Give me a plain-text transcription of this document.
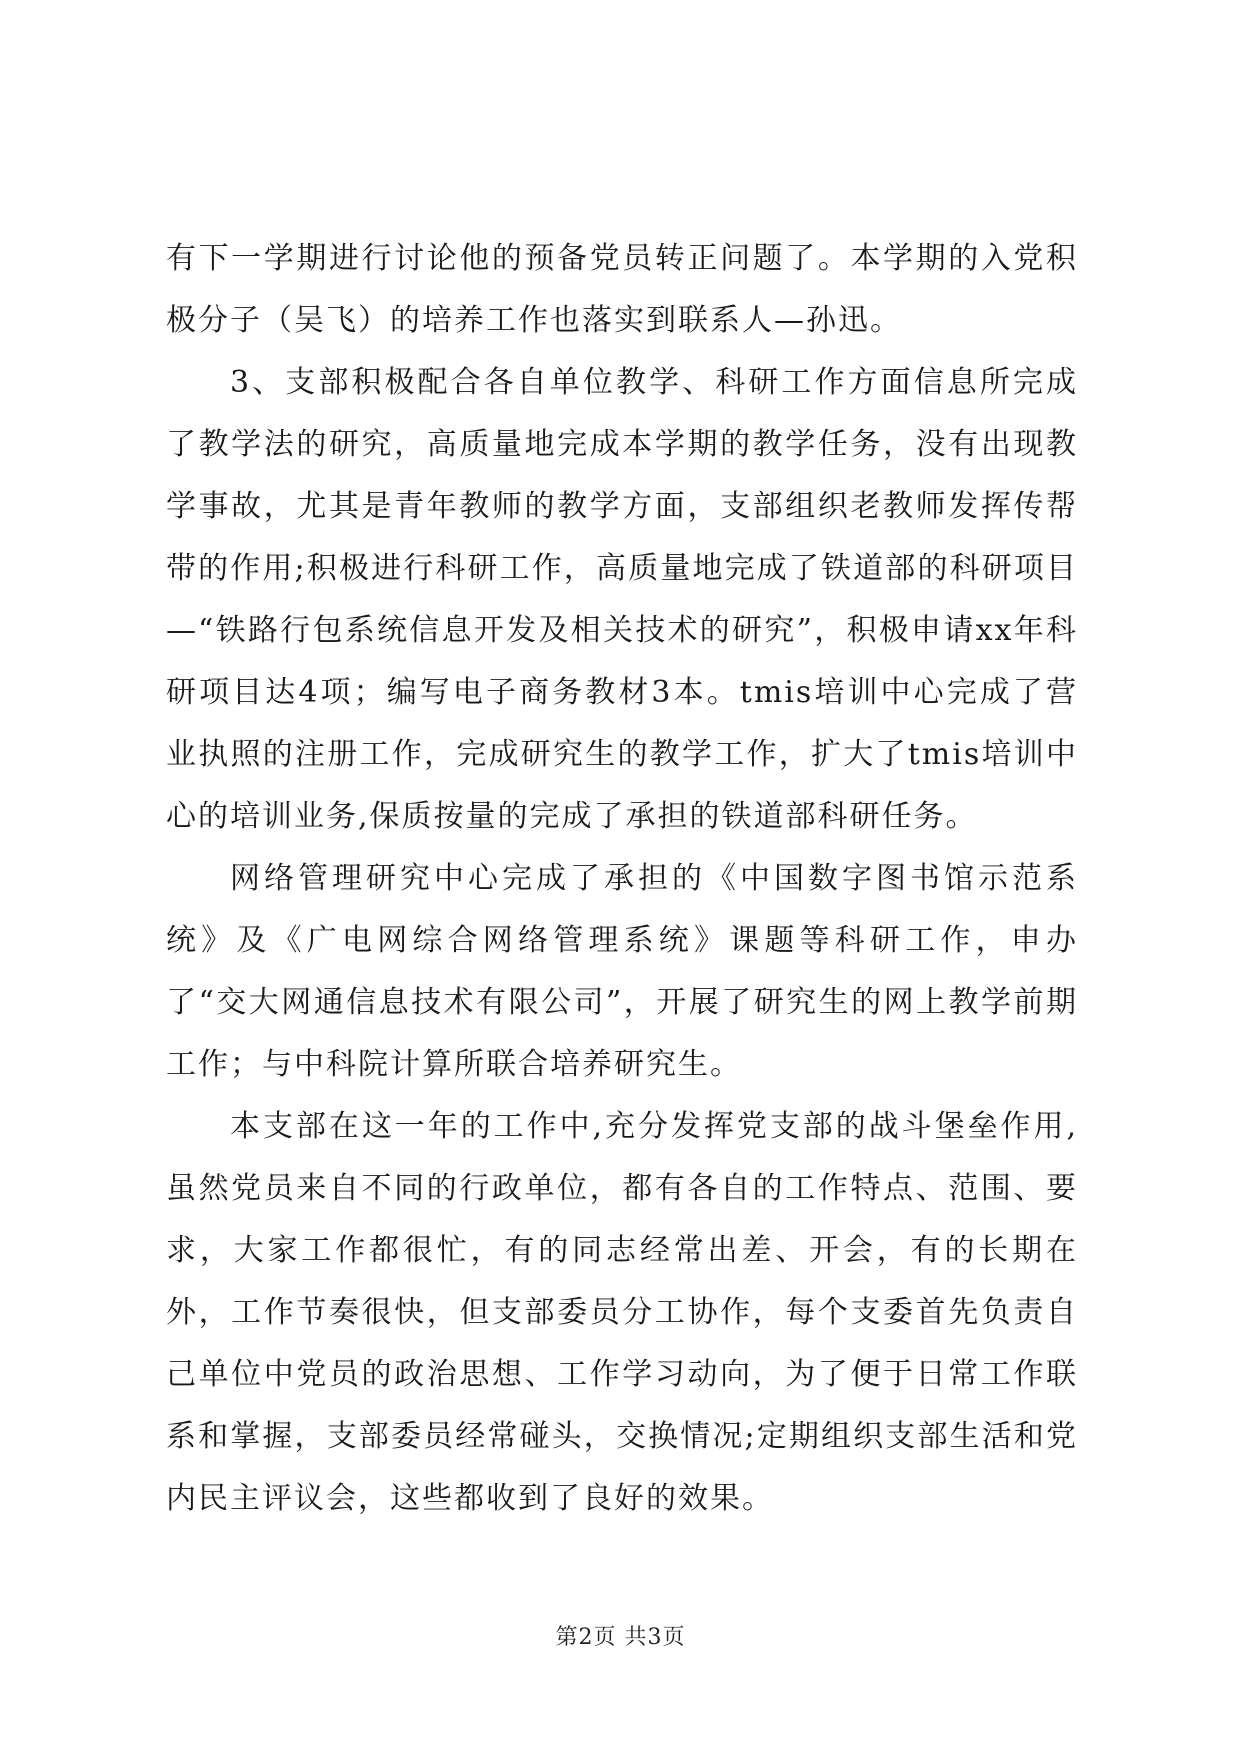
有下一学期进行讨论他的预备党员转正问题了。本学期的入党积极分子（吴飞）的培养工作也落实到联系人—孙迅。

3、支部积极配合各自单位教学、科研工作方面信息所完成了教学法的研究，高质量地完成本学期的教学任务，没有出现教学事故，尤其是青年教师的教学方面，支部组织老教师发挥传帮带的作用;积极进行科研工作，高质量地完成了铁道部的科研项目—“铁路行包系统信息开发及相关技术的研究”，积极申请xx年科研项目达4项；编写电子商务教材3本。tmis培训中心完成了营业执照的注册工作，完成研究生的教学工作，扩大了tmis培训中心的培训业务,保质按量的完成了承担的铁道部科研任务。

网络管理研究中心完成了承担的《中国数字图书馆示范系统》及《广电网综合网络管理系统》课题等科研工作，申办了“交大网通信息技术有限公司”，开展了研究生的网上教学前期工作；与中科院计算所联合培养研究生。

本支部在这一年的工作中,充分发挥党支部的战斗堡垒作用,虽然党员来自不同的行政单位，都有各自的工作特点、范围、要求，大家工作都很忙，有的同志经常出差、开会，有的长期在外，工作节奏很快，但支部委员分工协作，每个支委首先负责自己单位中党员的政治思想、工作学习动向，为了便于日常工作联系和掌握，支部委员经常碰头，交换情况;定期组织支部生活和党内民主评议会，这些都收到了良好的效果。

第2页 共3页
